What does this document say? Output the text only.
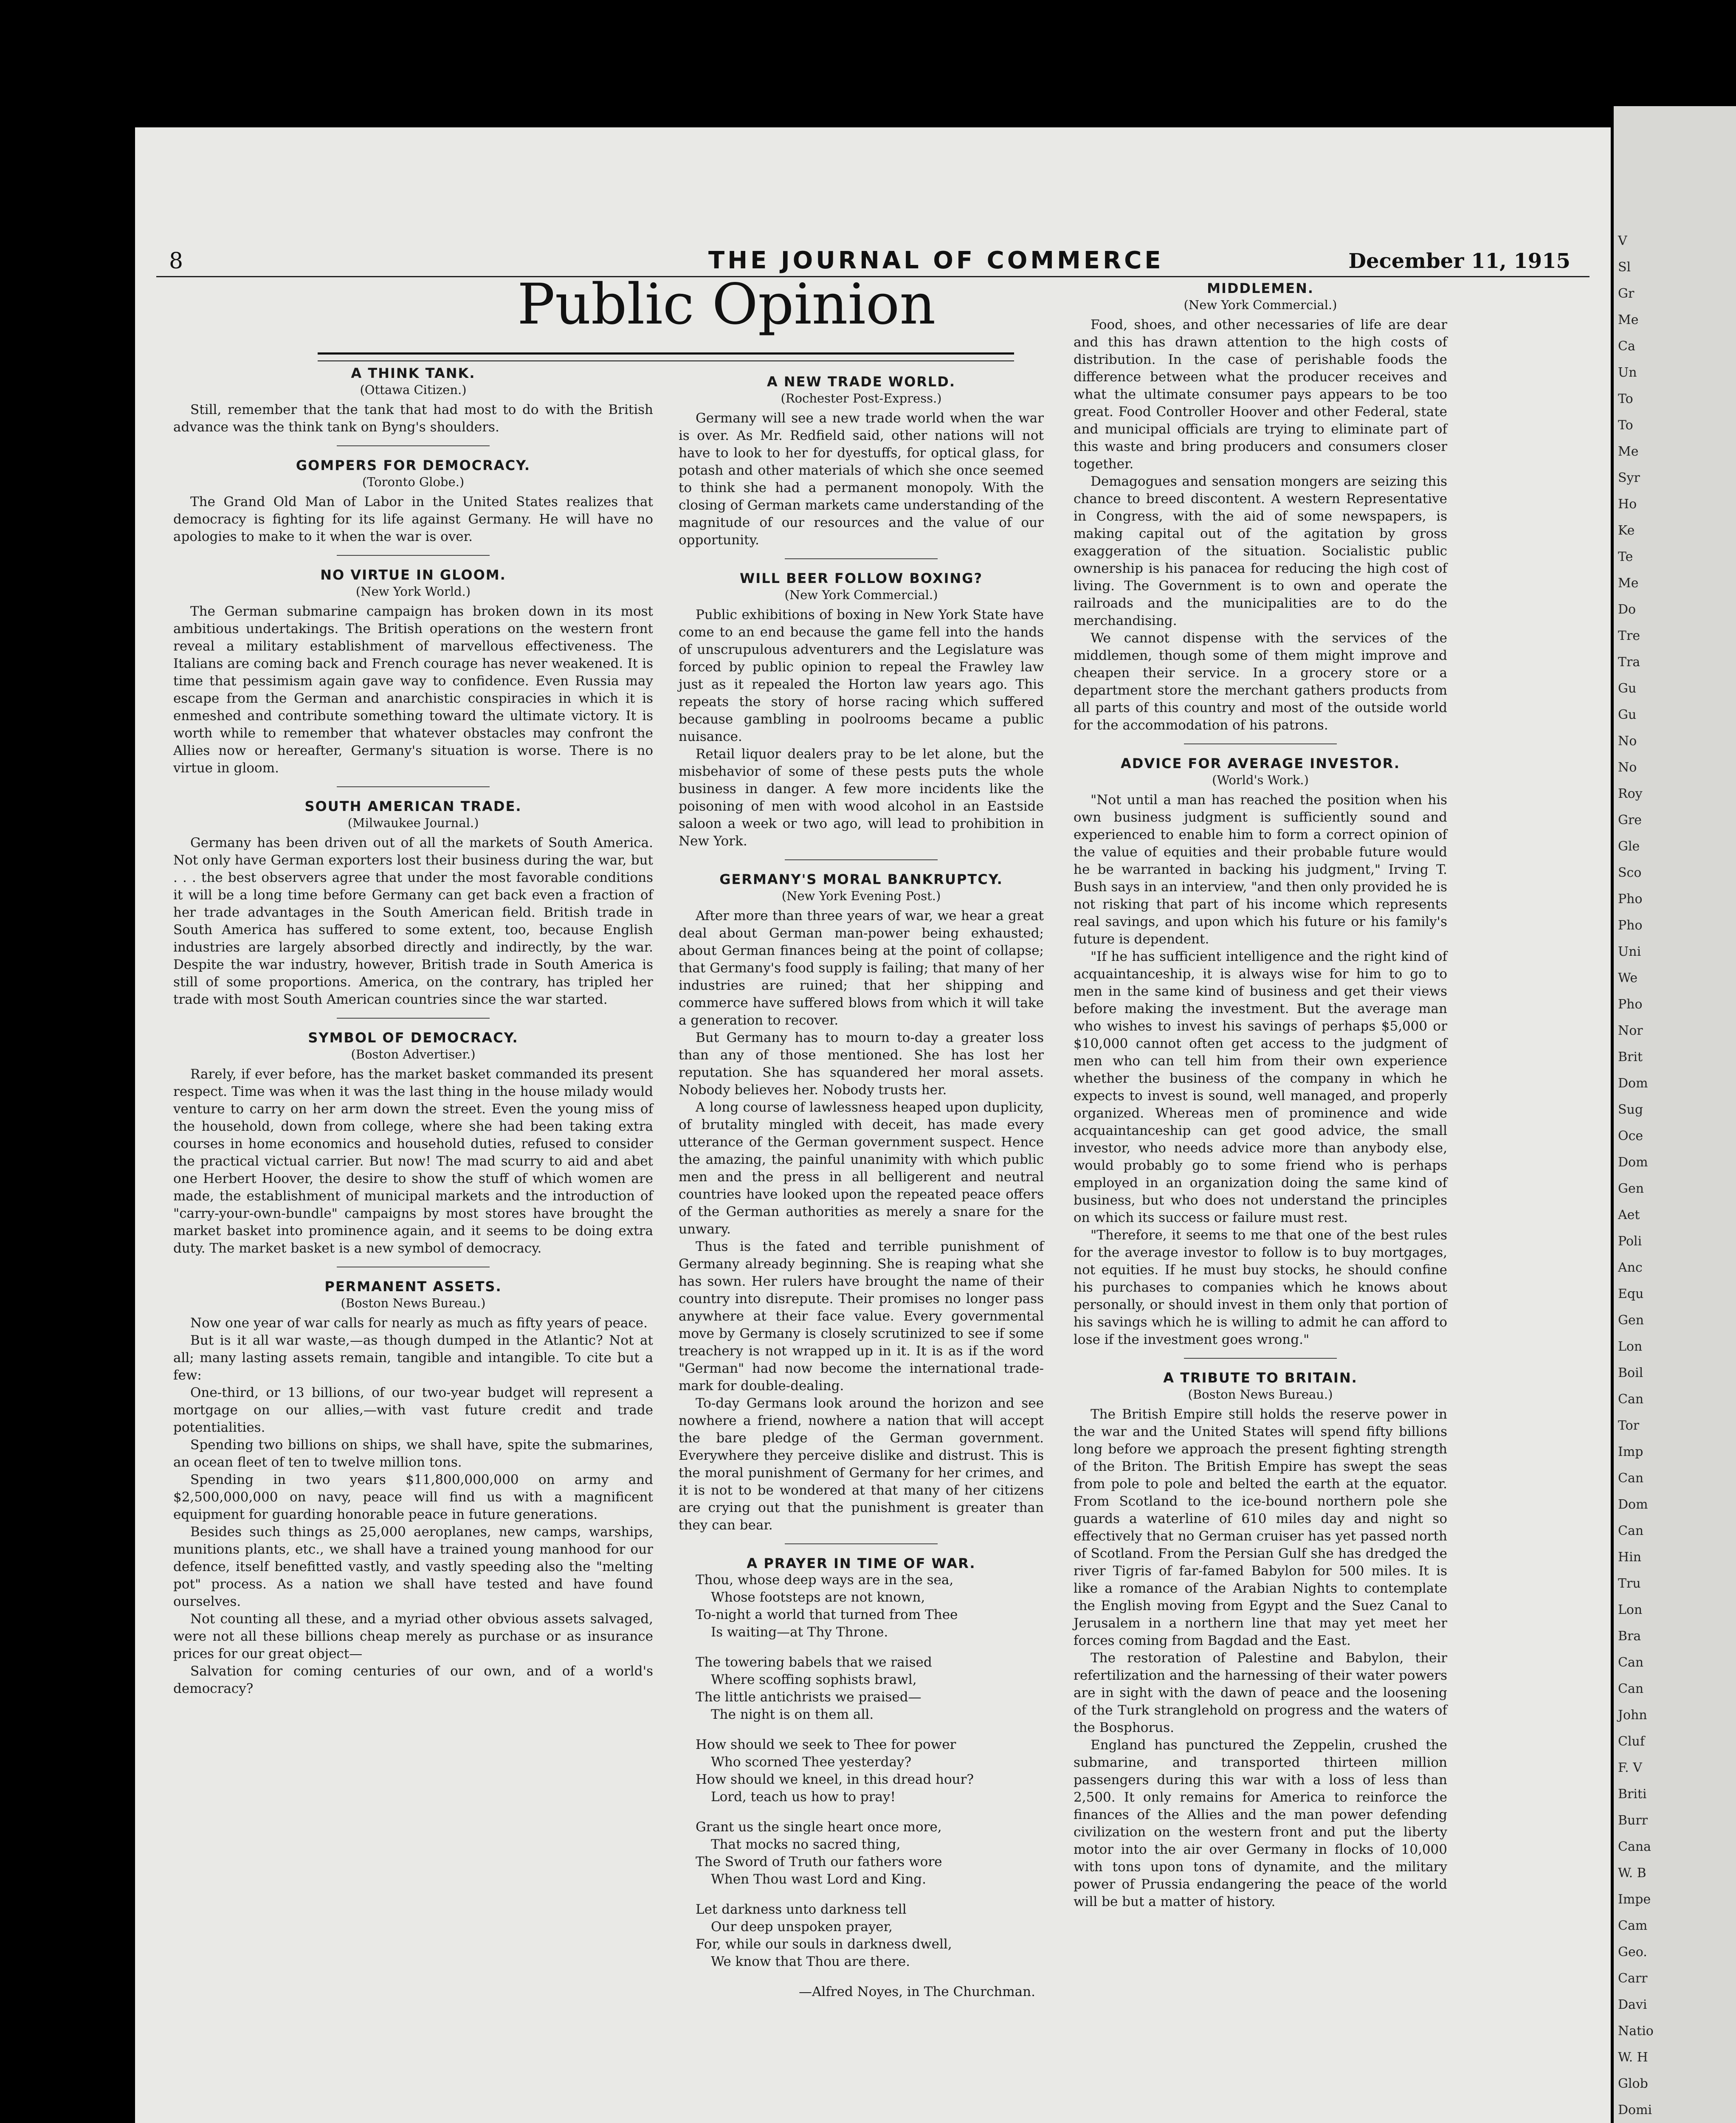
8	THE JOURNAL OF COMMERCE	December 11, 1915
Public Opinion
A THINK TANK.
(Ottawa Citizen.)

Still, remember that the tank that had most to do with the British advance was the think tank on Byng's shoulders.

GOMPERS FOR DEMOCRACY.
(Toronto Globe.)

The Grand Old Man of Labor in the United States realizes that democracy is fighting for its life against Germany. He will have no apologies to make to it when the war is over.

NO VIRTUE IN GLOOM.
(New York World.)

The German submarine campaign has broken down in its most ambitious undertakings. The British operations on the western front reveal a military establishment of marvellous effectiveness. The Italians are coming back and French courage has never weakened. It is time that pessimism again gave way to confidence. Even Russia may escape from the German and anarchistic conspiracies in which it is enmeshed and contribute something toward the ultimate victory. It is worth while to remember that whatever obstacles may confront the Allies now or hereafter, Germany's situation is worse. There is no virtue in gloom.

SOUTH AMERICAN TRADE.
(Milwaukee Journal.)

Germany has been driven out of all the markets of South America. Not only have German exporters lost their business during the war, but . . . the best observers agree that under the most favorable conditions it will be a long time before Germany can get back even a fraction of her trade advantages in the South American field. British trade in South America has suffered to some extent, too, because English industries are largely absorbed directly and indirectly, by the war. Despite the war industry, however, British trade in South America is still of some proportions. America, on the contrary, has tripled her trade with most South American countries since the war started.

SYMBOL OF DEMOCRACY.
(Boston Advertiser.)

Rarely, if ever before, has the market basket commanded its present respect. Time was when it was the last thing in the house milady would venture to carry on her arm down the street. Even the young miss of the household, down from college, where she had been taking extra courses in home economics and household duties, refused to consider the practical victual carrier. But now! The mad scurry to aid and abet one Herbert Hoover, the desire to show the stuff of which women are made, the establishment of municipal markets and the introduction of "carry-your-own-bundle" campaigns by most stores have brought the market basket into prominence again, and it seems to be doing extra duty. The market basket is a new symbol of democracy.

PERMANENT ASSETS.
(Boston News Bureau.)

Now one year of war calls for nearly as much as fifty years of peace.

But is it all war waste,—as though dumped in the Atlantic? Not at all; many lasting assets remain, tangible and intangible. To cite but a few:

One-third, or 13 billions, of our two-year budget will represent a mortgage on our allies,—with vast future credit and trade potentialities.

Spending two billions on ships, we shall have, spite the submarines, an ocean fleet of ten to twelve million tons.

Spending in two years $11,800,000,000 on army and $2,500,000,000 on navy, peace will find us with a magnificent equipment for guarding honorable peace in future generations.

Besides such things as 25,000 aeroplanes, new camps, warships, munitions plants, etc., we shall have a trained young manhood for our defence, itself benefitted vastly, and vastly speeding also the "melting pot" process. As a nation we shall have tested and have found ourselves.

Not counting all these, and a myriad other obvious assets salvaged, were not all these billions cheap merely as purchase or as insurance prices for our great object—

Salvation for coming centuries of our own, and of a world's democracy?

A NEW TRADE WORLD.
(Rochester Post-Express.)

Germany will see a new trade world when the war is over. As Mr. Redfield said, other nations will not have to look to her for dyestuffs, for optical glass, for potash and other materials of which she once seemed to think she had a permanent monopoly. With the closing of German markets came understanding of the magnitude of our resources and the value of our opportunity.

WILL BEER FOLLOW BOXING?
(New York Commercial.)

Public exhibitions of boxing in New York State have come to an end because the game fell into the hands of unscrupulous adventurers and the Legislature was forced by public opinion to repeal the Frawley law just as it repealed the Horton law years ago. This repeats the story of horse racing which suffered because gambling in poolrooms became a public nuisance.

Retail liquor dealers pray to be let alone, but the misbehavior of some of these pests puts the whole business in danger. A few more incidents like the poisoning of men with wood alcohol in an Eastside saloon a week or two ago, will lead to prohibition in New York.

GERMANY'S MORAL BANKRUPTCY.
(New York Evening Post.)

After more than three years of war, we hear a great deal about German man-power being exhausted; about German finances being at the point of collapse; that Germany's food supply is failing; that many of her industries are ruined; that her shipping and commerce have suffered blows from which it will take a generation to recover.

But Germany has to mourn to-day a greater loss than any of those mentioned. She has lost her reputation. She has squandered her moral assets. Nobody believes her. Nobody trusts her.

A long course of lawlessness heaped upon duplicity, of brutality mingled with deceit, has made every utterance of the German government suspect. Hence the amazing, the painful unanimity with which public men and the press in all belligerent and neutral countries have looked upon the repeated peace offers of the German authorities as merely a snare for the unwary.

Thus is the fated and terrible punishment of Germany already beginning. She is reaping what she has sown. Her rulers have brought the name of their country into disrepute. Their promises no longer pass anywhere at their face value. Every governmental move by Germany is closely scrutinized to see if some treachery is not wrapped up in it. It is as if the word "German" had now become the international trade-mark for double-dealing.

To-day Germans look around the horizon and see nowhere a friend, nowhere a nation that will accept the bare pledge of the German government. Everywhere they perceive dislike and distrust. This is the moral punishment of Germany for her crimes, and it is not to be wondered at that many of her citizens are crying out that the punishment is greater than they can bear.

A PRAYER IN TIME OF WAR.
Thou, whose deep ways are in the sea,
Whose footsteps are not known,
To-night a world that turned from Thee
Is waiting—at Thy Throne.
The towering babels that we raised
Where scoffing sophists brawl,
The little antichrists we praised—
The night is on them all.
How should we seek to Thee for power
Who scorned Thee yesterday?
How should we kneel, in this dread hour?
Lord, teach us how to pray!
Grant us the single heart once more,
That mocks no sacred thing,
The Sword of Truth our fathers wore
When Thou wast Lord and King.
Let darkness unto darkness tell
Our deep unspoken prayer,
For, while our souls in darkness dwell,
We know that Thou are there.
—Alfred Noyes, in The Churchman.
MIDDLEMEN.
(New York Commercial.)

Food, shoes, and other necessaries of life are dear and this has drawn attention to the high costs of distribution. In the case of perishable foods the difference between what the producer receives and what the ultimate consumer pays appears to be too great. Food Controller Hoover and other Federal, state and municipal officials are trying to eliminate part of this waste and bring producers and consumers closer together.

Demagogues and sensation mongers are seizing this chance to breed discontent. A western Representative in Congress, with the aid of some newspapers, is making capital out of the agitation by gross exaggeration of the situation. Socialistic public ownership is his panacea for reducing the high cost of living. The Government is to own and operate the railroads and the municipalities are to do the merchandising.

We cannot dispense with the services of the middlemen, though some of them might improve and cheapen their service. In a grocery store or a department store the merchant gathers products from all parts of this country and most of the outside world for the accommodation of his patrons.

ADVICE FOR AVERAGE INVESTOR.
(World's Work.)

"Not until a man has reached the position when his own business judgment is sufficiently sound and experienced to enable him to form a correct opinion of the value of equities and their probable future would he be warranted in backing his judgment," Irving T. Bush says in an interview, "and then only provided he is not risking that part of his income which represents real savings, and upon which his future or his family's future is dependent.

"If he has sufficient intelligence and the right kind of acquaintanceship, it is always wise for him to go to men in the same kind of business and get their views before making the investment. But the average man who wishes to invest his savings of perhaps $5,000 or $10,000 cannot often get access to the judgment of men who can tell him from their own experience whether the business of the company in which he expects to invest is sound, well managed, and properly organized. Whereas men of prominence and wide acquaintanceship can get good advice, the small investor, who needs advice more than anybody else, would probably go to some friend who is perhaps employed in an organization doing the same kind of business, but who does not understand the principles on which its success or failure must rest.

"Therefore, it seems to me that one of the best rules for the average investor to follow is to buy mortgages, not equities. If he must buy stocks, he should confine his purchases to companies which he knows about personally, or should invest in them only that portion of his savings which he is willing to admit he can afford to lose if the investment goes wrong."

A TRIBUTE TO BRITAIN.
(Boston News Bureau.)

The British Empire still holds the reserve power in the war and the United States will spend fifty billions long before we approach the present fighting strength of the Briton. The British Empire has swept the seas from pole to pole and belted the earth at the equator. From Scotland to the ice-bound northern pole she guards a waterline of 610 miles day and night so effectively that no German cruiser has yet passed north of Scotland. From the Persian Gulf she has dredged the river Tigris of far-famed Babylon for 500 miles. It is like a romance of the Arabian Nights to contemplate the English moving from Egypt and the Suez Canal to Jerusalem in a northern line that may yet meet her forces coming from Bagdad and the East.

The restoration of Palestine and Babylon, their refertilization and the harnessing of their water powers are in sight with the dawn of peace and the loosening of the Turk stranglehold on progress and the waters of the Bosphorus.

England has punctured the Zeppelin, crushed the submarine, and transported thirteen million passengers during this war with a loss of less than 2,500. It only remains for America to reinforce the finances of the Allies and the man power defending civilization on the western front and put the liberty motor into the air over Germany in flocks of 10,000 with tons upon tons of dynamite, and the military power of Prussia endangering the peace of the world will be but a matter of history.

V
Sl
Gr
Me
Ca
Un
To
To
Me
Syr
Ho
Ke
Te
Me
Do
Tre
Tra
Gu
Gu
No
No
Roy
Gre
Gle
Sco
Pho
Pho
Uni
We
Pho
Nor
Brit
Dom
Sug
Oce
Dom
Gen
Aet
Poli
Anc
Equ
Gen
Lon
Boil
Can
Tor
Imp
Can
Dom
Can
Hin
Tru
Lon
Bra
Can
Can
John
Cluf
F. V
Briti
Burr
Cana
W. B
Impe
Cam
Geo.
Carr
Davi
Natio
W. H
Glob
Domi
